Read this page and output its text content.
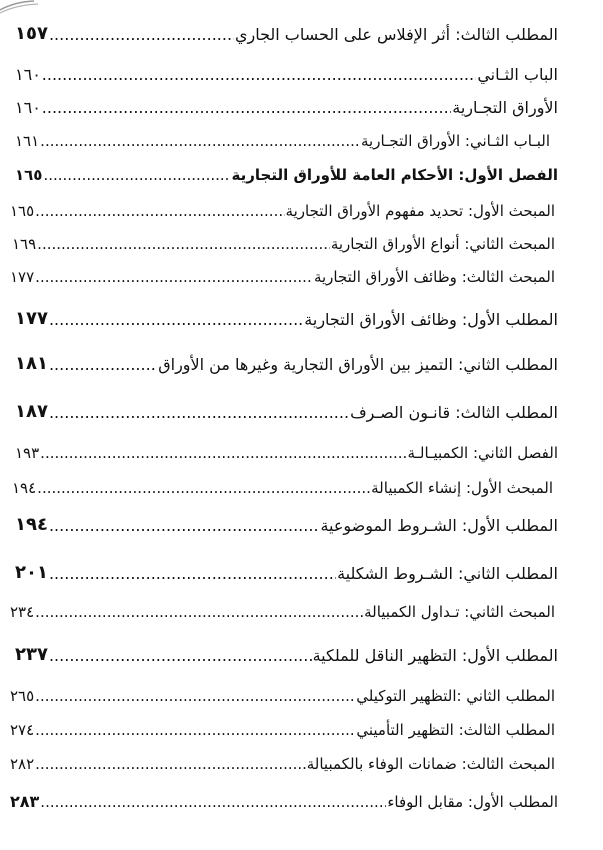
المطلب الثالث: أثر الإفلاس على الحساب الجاري
.....
١٥٧
الباب الثـاني
.....
١٦٠
الأوراق التجـارية
.....
١٦٠
البـاب الثـاني: الأوراق التجـارية
.....
١٦١
الفصل الأول: الأحكام العامة للأوراق التجارية
.....
١٦٥
المبحث الأول: تحديد مفهوم الأوراق التجارية
.....
١٦٥
المبحث الثاني: أنواع الأوراق التجارية
.....
١٦٩
المبحث الثالث: وظائف الأوراق التجارية
.....
١٧٧
المطلب الأول: وظائف الأوراق التجارية
.....
١٧٧
المطلب الثاني: التميز بين الأوراق التجارية وغيرها من الأوراق
.....
١٨١
المطلب الثالث: قانـون الصـرف
.....
١٨٧
الفصل الثاني: الكمبيـالـة
.....
١٩٣
المبحث الأول: إنشاء الكمبيالة
.....
١٩٤
المطلب الأول: الشـروط الموضوعية
.....
١٩٤
المطلب الثاني: الشـروط الشكلية
.....
٢٠١
المبحث الثاني: تـداول الكمبيالة
.....
٢٣٤
المطلب الأول: التظهير الناقل للملكية
.....
٢٣٧
المطلب الثاني :التظهير التوكيلي
.....
٢٦٥
المطلب الثالث: التظهير التأميني
.....
٢٧٤
المبحث الثالث: ضمانات الوفاء بالكمبيالة
.....
٢٨٢
المطلب الأول: مقابل الوفاء
.....
٢٨٣
